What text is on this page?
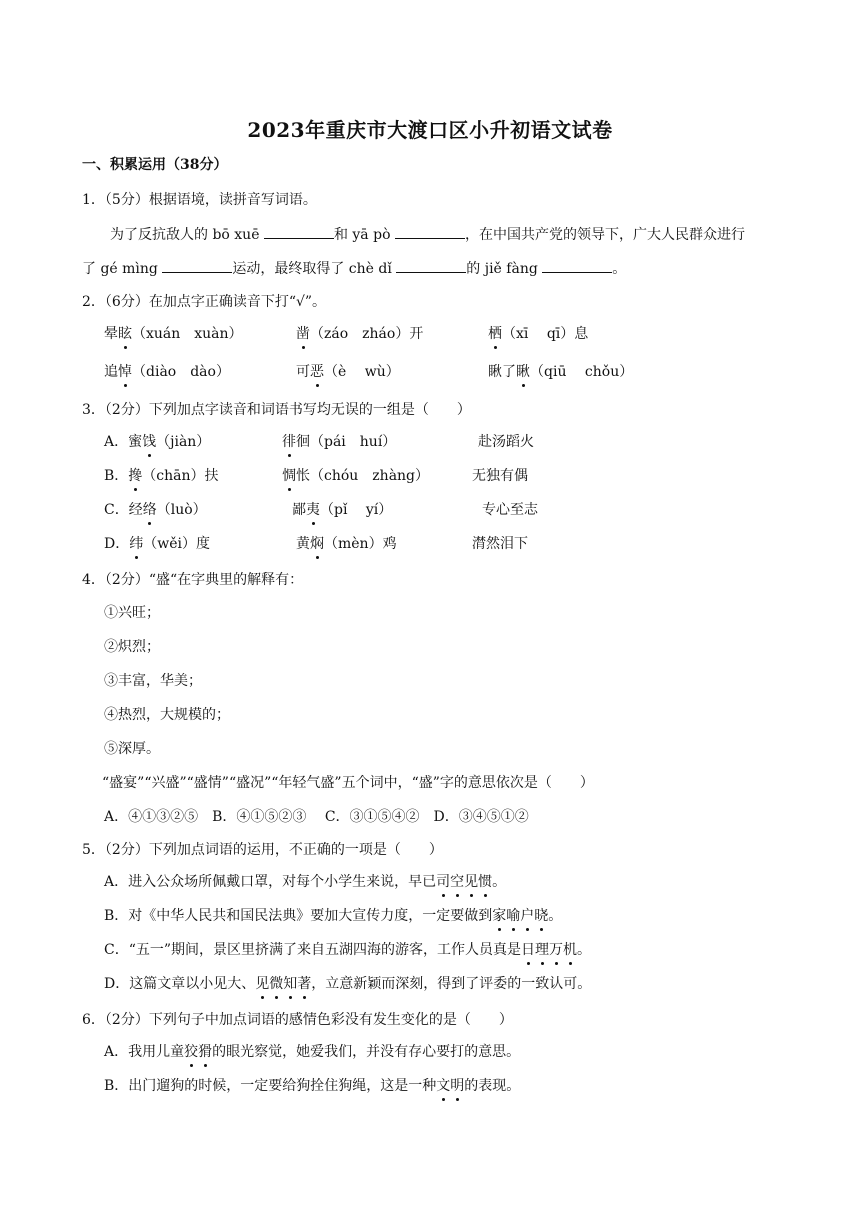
2023年重庆市大渡口区小升初语文试卷
一、积累运用（38分）
1．（5分）根据语境，读拼音写词语。
为了反抗敌人的 bō xuē	和 yā pò	，在中国共产党的领导下，广大人民群众进行
了 gé mìng	运动，最终取得了 chè dǐ	的 jiě fàng	。
2．（6分）在加点字正确读音下打“√”。
晕眩（xuán　xuàn）	凿（záo　zháo）开	栖（xī　 qī）息
追悼（diào　dào）	可恶（è　 wù）	瞅了瞅（qiū　 chǒu）
3．（2分）下列加点字读音和词语书写均无误的一组是（　　）
A．蜜饯（jiàn）	徘徊（pái　huí）	赴汤蹈火
B．搀（chān）扶	惆怅（chóu　zhàng）	无独有偶
C．经络（luò）	鄙夷（pǐ　 yí）	专心至志
D．纬（wěi）度	黄焖（mèn）鸡	潸然泪下
4．（2分）“盛“在字典里的解释有：
①兴旺；
②炽烈；
③丰富，华美；
④热烈，大规模的；
⑤深厚。
“盛宴”“兴盛”“盛情”“盛况”“年轻气盛”五个词中，“盛”字的意思依次是（　　）
A．④①③②⑤　B．④①⑤②③　 C．③①⑤④②　D．③④⑤①②
5．（2分）下列加点词语的运用，不正确的一项是（　　）
A．进入公众场所佩戴口罩，对每个小学生来说，早已司空见惯。
B．对《中华人民共和国民法典》要加大宣传力度，一定要做到家喻户晓。
C．“五一”期间，景区里挤满了来自五湖四海的游客，工作人员真是日理万机。
D．这篇文章以小见大、见微知著，立意新颖而深刻，得到了评委的一致认可。
6．（2分）下列句子中加点词语的感情色彩没有发生变化的是（　　）
A．我用儿童狡猾的眼光察觉，她爱我们，并没有存心要打的意思。
B．出门遛狗的时候，一定要给狗拴住狗绳，这是一种文明的表现。
